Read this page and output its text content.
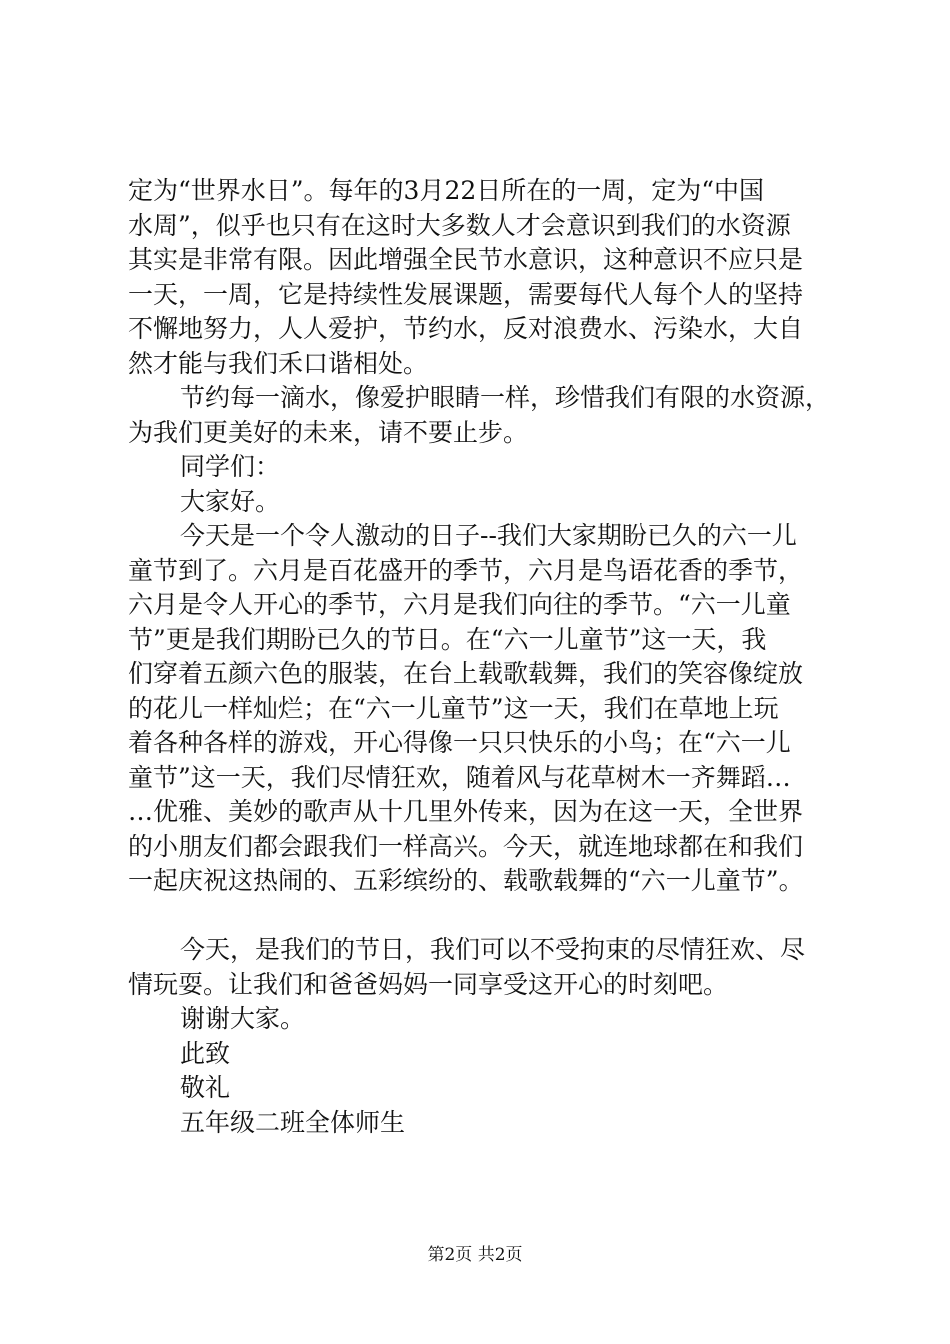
定为“世界水日”。每年的3月22日所在的一周，定为“中国
水周”，似乎也只有在这时大多数人才会意识到我们的水资源
其实是非常有限。因此增强全民节水意识，这种意识不应只是
一天，一周，它是持续性发展课题，需要每代人每个人的坚持
不懈地努力，人人爱护，节约水，反对浪费水、污染水，大自
然才能与我们禾口谐相处。
节约每一滴水，像爱护眼睛一样，珍惜我们有限的水资源，
为我们更美好的未来，请不要止步。
同学们：
大家好。
今天是一个令人激动的日子--我们大家期盼已久的六一儿
童节到了。六月是百花盛开的季节，六月是鸟语花香的季节，
六月是令人开心的季节，六月是我们向往的季节。“六一儿童
节”更是我们期盼已久的节日。在“六一儿童节”这一天，我
们穿着五颜六色的服装，在台上载歌载舞，我们的笑容像绽放
的花儿一样灿烂；在“六一儿童节”这一天，我们在草地上玩
着各种各样的游戏，开心得像一只只快乐的小鸟；在“六一儿
童节”这一天，我们尽情狂欢，随着风与花草树木一齐舞蹈…
…优雅、美妙的歌声从十几里外传来，因为在这一天，全世界
的小朋友们都会跟我们一样高兴。今天，就连地球都在和我们
一起庆祝这热闹的、五彩缤纷的、载歌载舞的“六一儿童节”。
今天，是我们的节日，我们可以不受拘束的尽情狂欢、尽
情玩耍。让我们和爸爸妈妈一同享受这开心的时刻吧。
谢谢大家。
此致
敬礼
五年级二班全体师生
第2页 共2页
